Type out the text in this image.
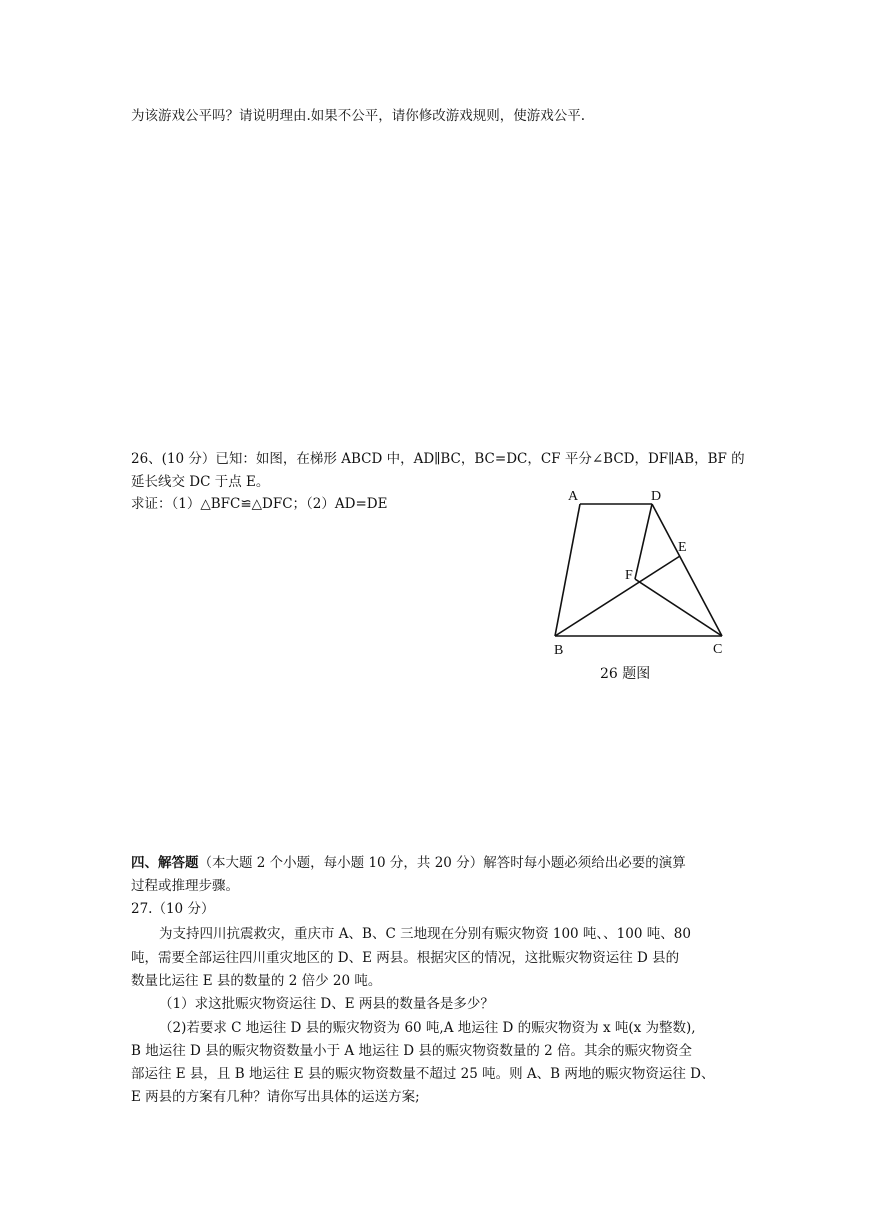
为该游戏公平吗？请说明理由.如果不公平，请你修改游戏规则，使游戏公平.
26、(10 分）已知：如图，在梯形 ABCD 中，AD∥BC，BC=DC，CF 平分∠BCD，DF∥AB，BF 的
延长线交 DC 于点 E。
求证：（1）△BFC≌△DFC；（2）AD=DE	A	D
E
F
B	C
26 题图
四、解答题（本大题 2 个小题，每小题 10 分，共 20 分）解答时每小题必须给出必要的演算
过程或推理步骤。
27.（10 分）
为支持四川抗震救灾，重庆市 A、B、C 三地现在分别有赈灾物资 100 吨、、100 吨、80
吨，需要全部运往四川重灾地区的 D、E 两县。根据灾区的情况，这批赈灾物资运往 D 县的
数量比运往 E 县的数量的 2 倍少 20 吨。
（1）求这批赈灾物资运往 D、E 两县的数量各是多少？
（2)若要求 C 地运往 D 县的赈灾物资为 60 吨,A 地运往 D 的赈灾物资为 x 吨(x 为整数),
B 地运往 D 县的赈灾物资数量小于 A 地运往 D 县的赈灾物资数量的 2 倍。其余的赈灾物资全
部运往 E 县，且 B 地运往 E 县的赈灾物资数量不超过 25 吨。则 A、B 两地的赈灾物资运往 D、
E 两县的方案有几种？请你写出具体的运送方案;
